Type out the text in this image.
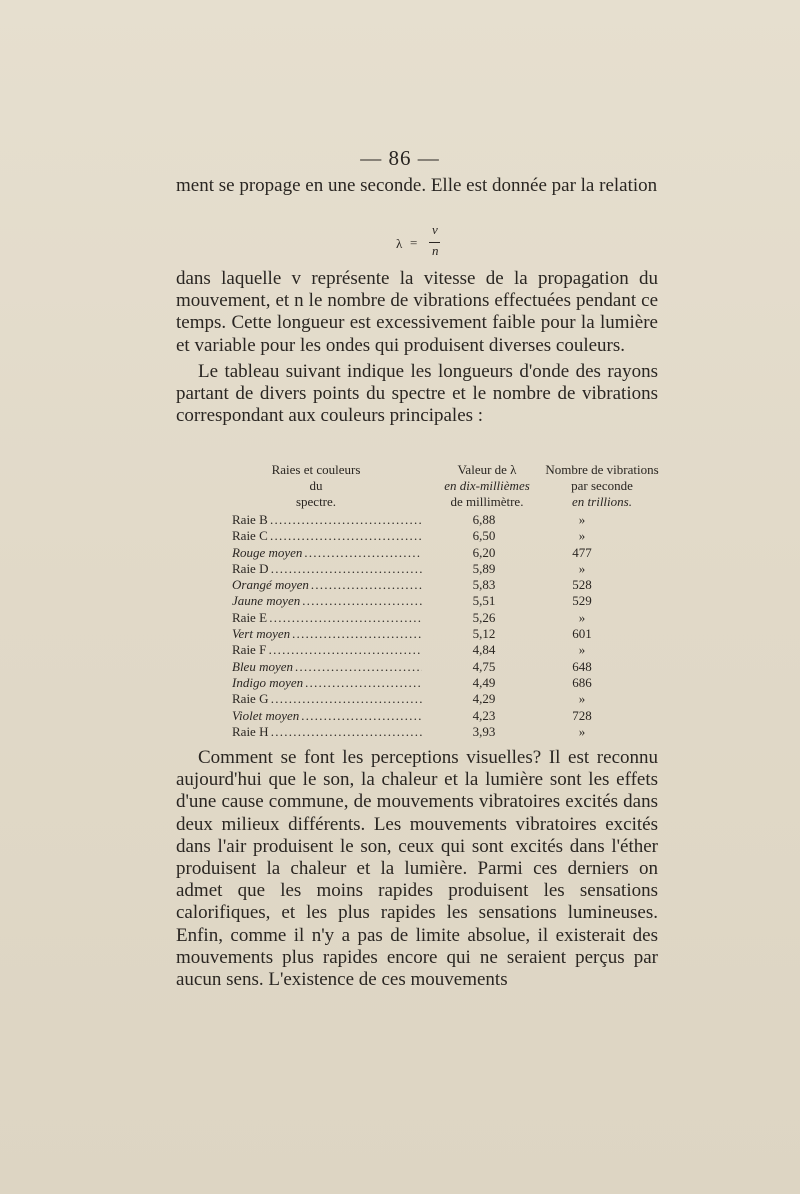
— 86 —

ment se propage en une seconde. Elle est donnée par la relation

λ =
v
n

dans laquelle v représente la vitesse de la propagation du mouvement, et n le nombre de vibrations effectuées pendant ce temps. Cette longueur est excessivement faible pour la lumière et variable pour les ondes qui produisent diverses couleurs.

Le tableau suivant indique les longueurs d'onde des rayons partant de divers points du spectre et le nombre de vibrations correspondant aux couleurs principales :

Raies et couleurs
du
spectre.
Valeur de λ
en dix-millièmes
de millimètre.
Nombre de vibrations
par seconde
en trillions.
Raie B . . .	6,88	»
Raie C . . .	6,50	»
Rouge moyen . . .	6,20	477
Raie D . . .	5,89	»
Orangé moyen . . .	5,83	528
Jaune moyen . . .	5,51	529
Raie E . . .	5,26	»
Vert moyen . . .	5,12	601
Raie F . . .	4,84	»
Bleu moyen . . .	4,75	648
Indigo moyen . . .	4,49	686
Raie G . . .	4,29	»
Violet moyen . . .	4,23	728
Raie H . . .	3,93	»

Comment se font les perceptions visuelles? Il est reconnu aujourd'hui que le son, la chaleur et la lumière sont les effets d'une cause commune, de mouvements vibratoires excités dans deux milieux différents. Les mouvements vibratoires excités dans l'air produisent le son, ceux qui sont excités dans l'éther produisent la chaleur et la lumière. Parmi ces derniers on admet que les moins rapides produisent les sensations calorifiques, et les plus rapides les sensations lumineuses. Enfin, comme il n'y a pas de limite absolue, il existerait des mouvements plus rapides encore qui ne seraient perçus par aucun sens. L'existence de ces mouvements
